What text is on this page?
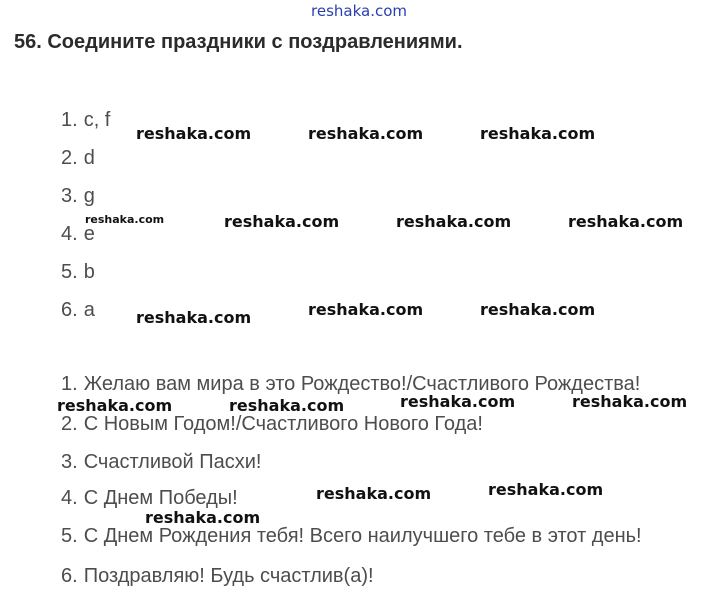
reshaka.com
56. Соедините праздники с поздравлениями.
1. c, f
2. d
3. g
4. e
5. b
6. a
1. Желаю вам мира в это Рождество!/Счастливого Рождества!
2. С Новым Годом!/Счастливого Нового Года!
3. Счастливой Пасхи!
4. С Днем Победы!
5. С Днем Рождения тебя! Всего наилучшего тебе в этот день!
6. Поздравляю! Будь счастлив(а)!
reshaka.com	reshaka.com	reshaka.com
reshaka.com	reshaka.com	reshaka.com	reshaka.com
reshaka.com	reshaka.com	reshaka.com
reshaka.com	reshaka.com	reshaka.com	reshaka.com
reshaka.com	reshaka.com
reshaka.com
